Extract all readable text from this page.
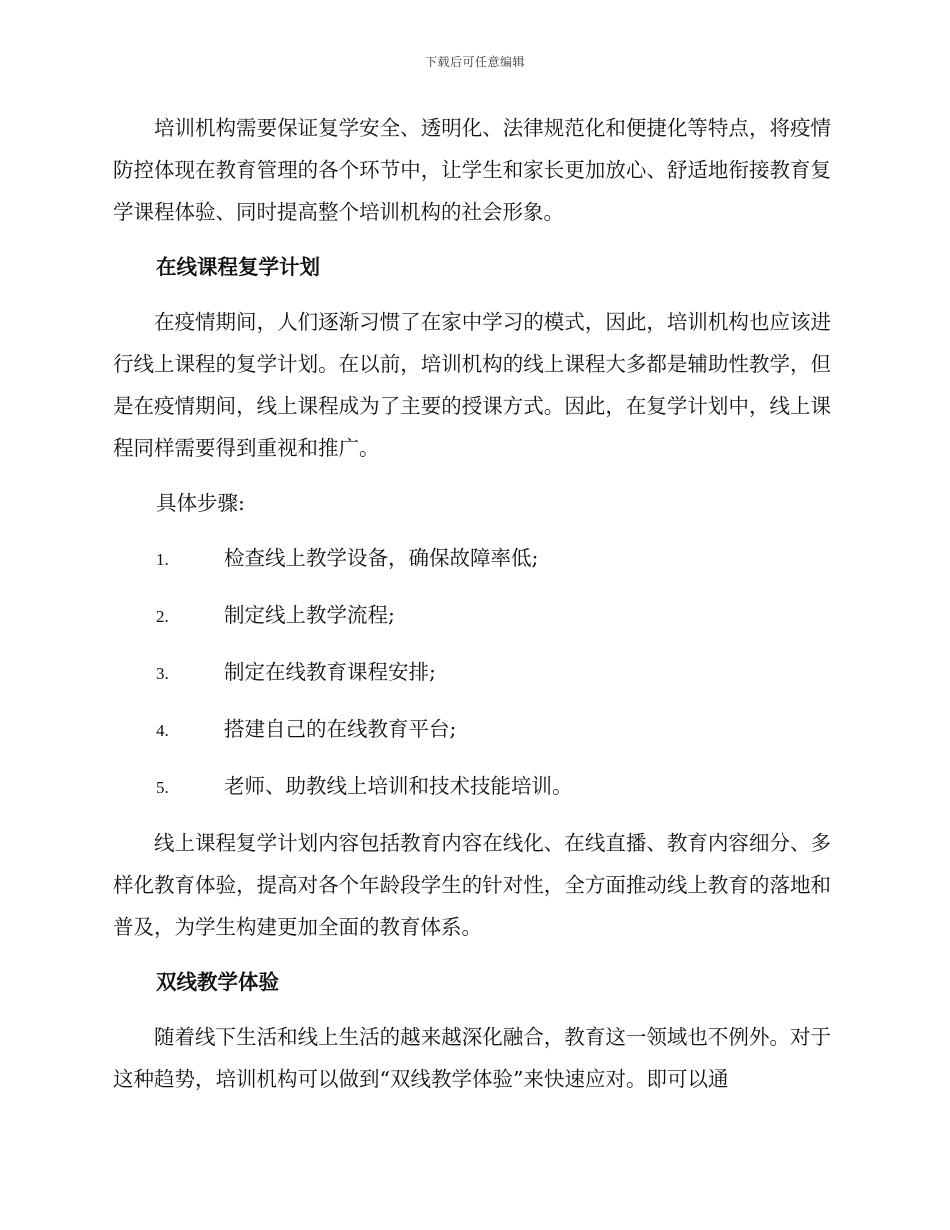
下载后可任意编辑

培训机构需要保证复学安全、透明化、法律规范化和便捷化等特点，将疫情防控体现在教育管理的各个环节中，让学生和家长更加放心、舒适地衔接教育复学课程体验、同时提高整个培训机构的社会形象。

在线课程复学计划

在疫情期间，人们逐渐习惯了在家中学习的模式，因此，培训机构也应该进行线上课程的复学计划。在以前，培训机构的线上课程大多都是辅助性教学，但是在疫情期间，线上课程成为了主要的授课方式。因此，在复学计划中，线上课程同样需要得到重视和推广。

具体步骤:
1.	检查线上教学设备，确保故障率低;
2.	制定线上教学流程;
3.	制定在线教育课程安排;
4.	搭建自己的在线教育平台;
5.	老师、助教线上培训和技术技能培训。

线上课程复学计划内容包括教育内容在线化、在线直播、教育内容细分、多样化教育体验，提高对各个年龄段学生的针对性，全方面推动线上教育的落地和普及，为学生构建更加全面的教育体系。

双线教学体验

随着线下生活和线上生活的越来越深化融合，教育这一领域也不例外。对于这种趋势，培训机构可以做到“双线教学体验”来快速应对。即可以通
